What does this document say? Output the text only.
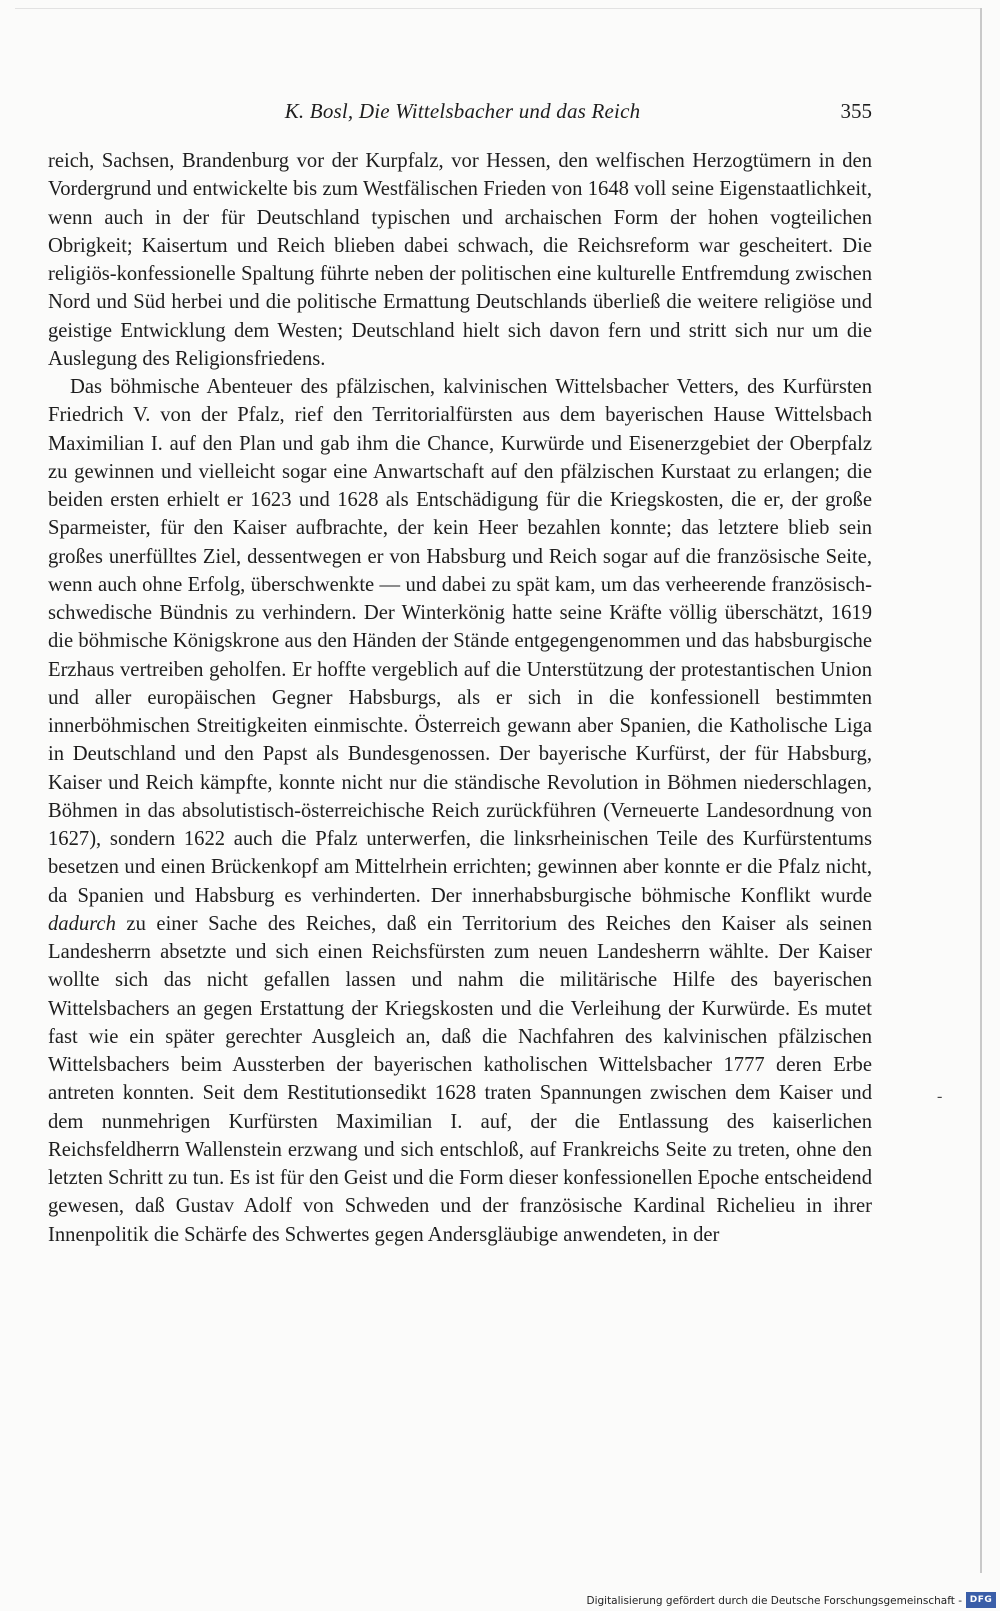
K. Bosl, Die Wittelsbacher und das Reich	355

reich, Sachsen, Brandenburg vor der Kurpfalz, vor Hessen, den welfischen Herzogtümern in den Vordergrund und entwickelte bis zum Westfälischen Frieden von 1648 voll seine Eigenstaatlichkeit, wenn auch in der für Deutschland typischen und archaischen Form der hohen vogteilichen Obrigkeit; Kaisertum und Reich blieben dabei schwach, die Reichsreform war gescheitert. Die religiös-konfessionelle Spaltung führte neben der politischen eine kulturelle Entfremdung zwischen Nord und Süd herbei und die politische Ermattung Deutschlands überließ die weitere religiöse und geistige Entwicklung dem Westen; Deutschland hielt sich davon fern und stritt sich nur um die Auslegung des Religionsfriedens.

Das böhmische Abenteuer des pfälzischen, kalvinischen Wittelsbacher Vetters, des Kurfürsten Friedrich V. von der Pfalz, rief den Territorialfürsten aus dem bayerischen Hause Wittelsbach Maximilian I. auf den Plan und gab ihm die Chance, Kurwürde und Eisenerzgebiet der Oberpfalz zu gewinnen und vielleicht sogar eine Anwartschaft auf den pfälzischen Kurstaat zu erlangen; die beiden ersten erhielt er 1623 und 1628 als Entschädigung für die Kriegskosten, die er, der große Sparmeister, für den Kaiser aufbrachte, der kein Heer bezahlen konnte; das letztere blieb sein großes unerfülltes Ziel, dessentwegen er von Habsburg und Reich sogar auf die französische Seite, wenn auch ohne Erfolg, überschwenkte — und dabei zu spät kam, um das verheerende französisch-schwedische Bündnis zu verhindern. Der Winterkönig hatte seine Kräfte völlig überschätzt, 1619 die böhmische Königskrone aus den Händen der Stände entgegengenommen und das habsburgische Erzhaus vertreiben geholfen. Er hoffte vergeblich auf die Unterstützung der protestantischen Union und aller europäischen Gegner Habsburgs, als er sich in die konfessionell bestimmten innerböhmischen Streitigkeiten einmischte. Österreich gewann aber Spanien, die Katholische Liga in Deutschland und den Papst als Bundesgenossen. Der bayerische Kurfürst, der für Habsburg, Kaiser und Reich kämpfte, konnte nicht nur die ständische Revolution in Böhmen niederschlagen, Böhmen in das absolutistisch-österreichische Reich zurückführen (Verneuerte Landesordnung von 1627), sondern 1622 auch die Pfalz unterwerfen, die linksrheinischen Teile des Kurfürstentums besetzen und einen Brückenkopf am Mittelrhein errichten; gewinnen aber konnte er die Pfalz nicht, da Spanien und Habsburg es verhinderten. Der innerhabsburgische böhmische Konflikt wurde dadurch zu einer Sache des Reiches, daß ein Territorium des Reiches den Kaiser als seinen Landesherrn absetzte und sich einen Reichsfürsten zum neuen Landesherrn wählte. Der Kaiser wollte sich das nicht gefallen lassen und nahm die militärische Hilfe des bayerischen Wittelsbachers an gegen Erstattung der Kriegskosten und die Verleihung der Kurwürde. Es mutet fast wie ein später gerechter Ausgleich an, daß die Nachfahren des kalvinischen pfälzischen Wittelsbachers beim Aussterben der bayerischen katholischen Wittelsbacher 1777 deren Erbe antreten konnten. Seit dem Restitutionsedikt 1628 traten Spannungen zwischen dem Kaiser und dem nunmehrigen Kurfürsten Maximilian I. auf, der die Entlassung des kaiserlichen Reichsfeldherrn Wallenstein erzwang und sich entschloß, auf Frankreichs Seite zu treten, ohne den letzten Schritt zu tun. Es ist für den Geist und die Form dieser konfessionellen Epoche entscheidend gewesen, daß Gustav Adolf von Schweden und der französische Kardinal Richelieu in ihrer Innenpolitik die Schärfe des Schwertes gegen Andersgläubige anwendeten, in der

-
Digitalisierung gefördert durch die Deutsche Forschungsgemeinschaft - DFG
